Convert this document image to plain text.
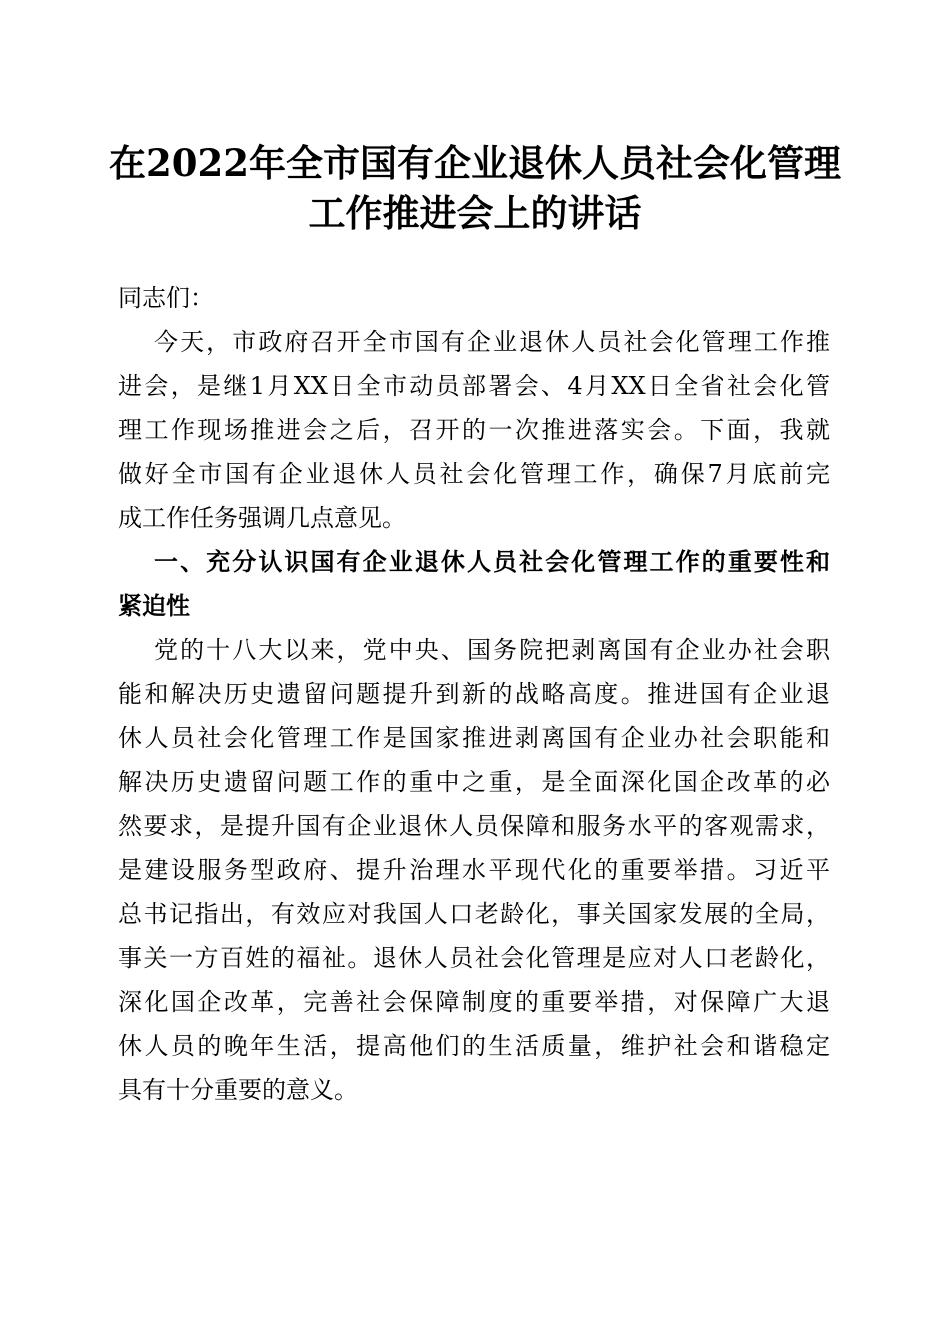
在2022年全市国有企业退休人员社会化管理
工作推进会上的讲话
同志们：
今天，市政府召开全市国有企业退休人员社会化管理工作推
进会，是继1月XX日全市动员部署会、4月XX日全省社会化管
理工作现场推进会之后，召开的一次推进落实会。下面，我就
做好全市国有企业退休人员社会化管理工作，确保7月底前完
成工作任务强调几点意见。
一、充分认识国有企业退休人员社会化管理工作的重要性和
紧迫性
党的十八大以来，党中央、国务院把剥离国有企业办社会职
能和解决历史遗留问题提升到新的战略高度。推进国有企业退
休人员社会化管理工作是国家推进剥离国有企业办社会职能和
解决历史遗留问题工作的重中之重，是全面深化国企改革的必
然要求，是提升国有企业退休人员保障和服务水平的客观需求，
是建设服务型政府、提升治理水平现代化的重要举措。习近平
总书记指出，有效应对我国人口老龄化，事关国家发展的全局，
事关一方百姓的福祉。退休人员社会化管理是应对人口老龄化，
深化国企改革，完善社会保障制度的重要举措，对保障广大退
休人员的晚年生活，提高他们的生活质量，维护社会和谐稳定
具有十分重要的意义。
